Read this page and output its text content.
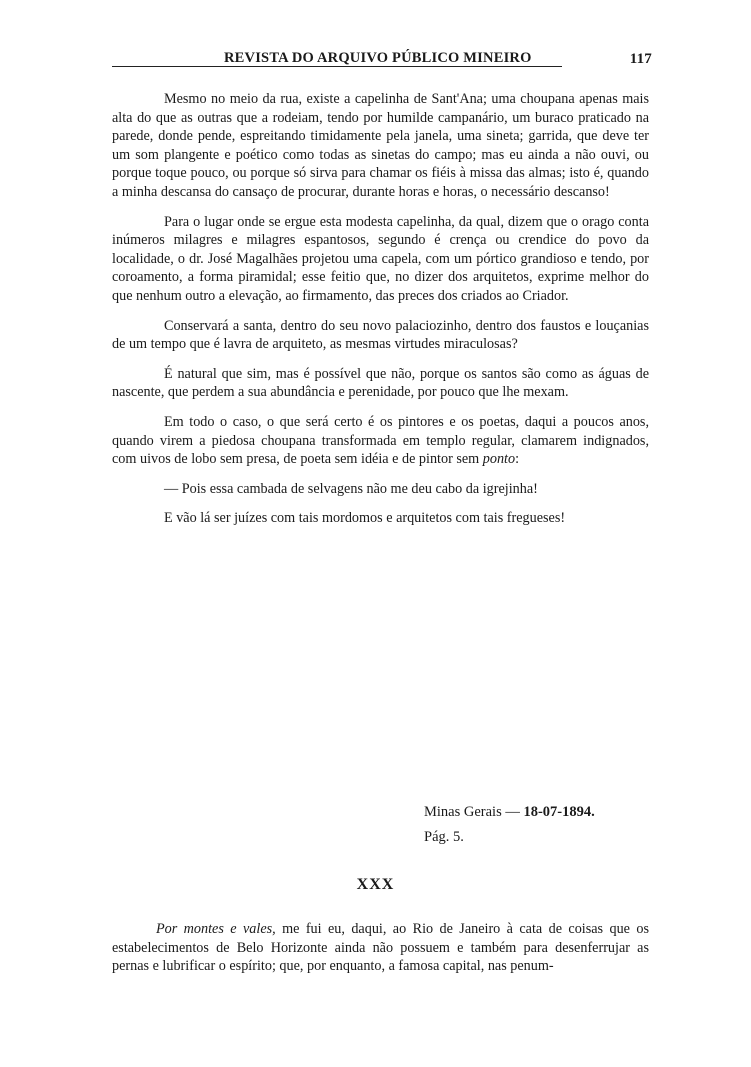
REVISTA DO ARQUIVO PÚBLICO MINEIRO	117

Mesmo no meio da rua, existe a capelinha de Sant'Ana; uma choupana apenas mais alta do que as outras que a rodeiam, tendo por humilde campanário, um buraco praticado na parede, donde pende, espreitando timidamente pela janela, uma sineta; garrida, que deve ter um som plangente e poético como todas as sinetas do campo; mas eu ainda a não ouvi, ou porque toque pouco, ou porque só sirva para chamar os fiéis à missa das almas; isto é, quando a minha descansa do cansaço de procurar, durante horas e horas, o necessário descanso!

Para o lugar onde se ergue esta modesta capelinha, da qual, dizem que o orago conta inúmeros milagres e milagres espantosos, segundo é crença ou crendice do povo da localidade, o dr. José Magalhães projetou uma capela, com um pórtico grandioso e tendo, por coroamento, a forma piramidal; esse feitio que, no dizer dos arquitetos, exprime melhor do que nenhum outro a elevação, ao firmamento, das preces dos criados ao Criador.

Conservará a santa, dentro do seu novo palaciozinho, dentro dos faustos e louçanias de um tempo que é lavra de arquiteto, as mesmas virtudes miraculosas?

É natural que sim, mas é possível que não, porque os santos são como as águas de nascente, que perdem a sua abundância e perenidade, por pouco que lhe mexam.

Em todo o caso, o que será certo é os pintores e os poetas, daqui a poucos anos, quando virem a piedosa choupana transformada em templo regular, clamarem indignados, com uivos de lobo sem presa, de poeta sem idéia e de pintor sem ponto:

— Pois essa cambada de selvagens não me deu cabo da igrejinha!

E vão lá ser juízes com tais mordomos e arquitetos com tais fregueses!

Minas Gerais — 18-07-1894.
Pág. 5.
XXX

Por montes e vales, me fui eu, daqui, ao Rio de Janeiro à cata de coisas que os estabelecimentos de Belo Horizonte ainda não possuem e também para desenferrujar as pernas e lubrificar o espírito; que, por enquanto, a famosa capital, nas penum-
